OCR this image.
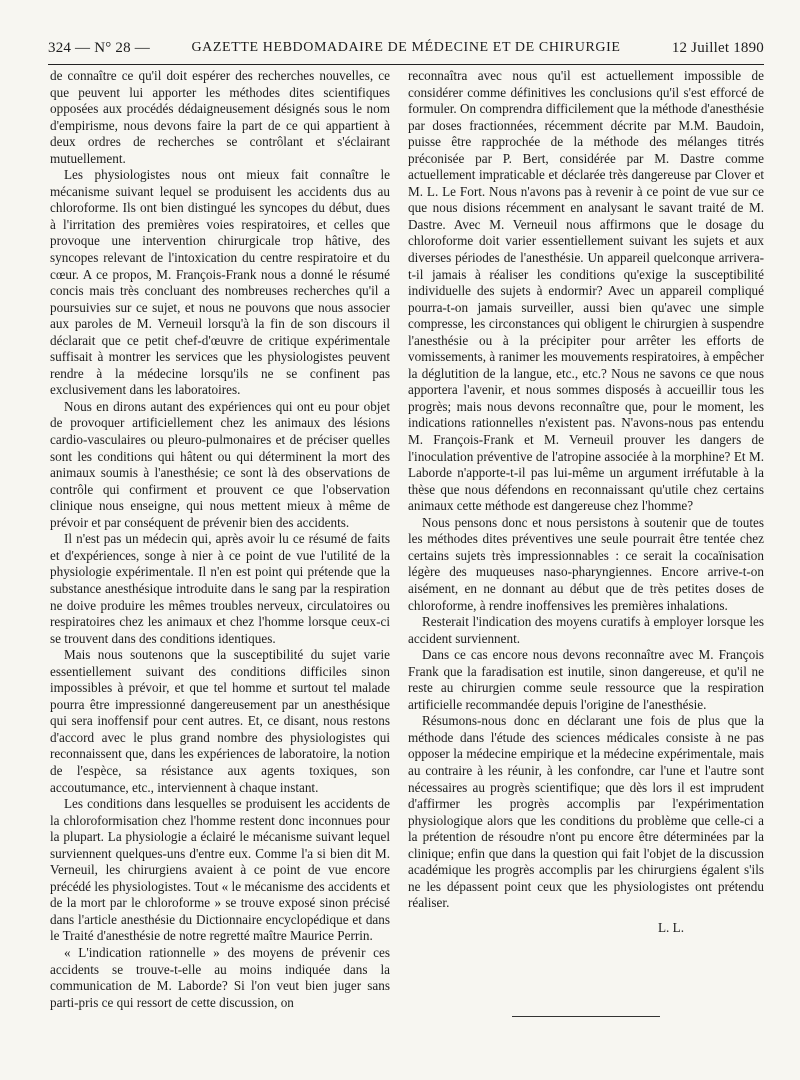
324 — N° 28 —	GAZETTE HEBDOMADAIRE DE MÉDECINE ET DE CHIRURGIE	12 Juillet 1890

de connaître ce qu'il doit espérer des recherches nouvelles, ce que peuvent lui apporter les méthodes dites scientifiques opposées aux procédés dédaigneusement désignés sous le nom d'empirisme, nous devons faire la part de ce qui appartient à deux ordres de recherches se contrôlant et s'éclairant mutuellement.

Les physiologistes nous ont mieux fait connaître le mécanisme suivant lequel se produisent les accidents dus au chloroforme. Ils ont bien distingué les syncopes du début, dues à l'irritation des premières voies respiratoires, et celles que provoque une intervention chirurgicale trop hâtive, des syncopes relevant de l'intoxication du centre respiratoire et du cœur. A ce propos, M. François-Frank nous a donné le résumé concis mais très concluant des nombreuses recherches qu'il a poursuivies sur ce sujet, et nous ne pouvons que nous associer aux paroles de M. Verneuil lorsqu'à la fin de son discours il déclarait que ce petit chef-d'œuvre de critique expérimentale suffisait à montrer les services que les physiologistes peuvent rendre à la médecine lorsqu'ils ne se confinent pas exclusivement dans les laboratoires.

Nous en dirons autant des expériences qui ont eu pour objet de provoquer artificiellement chez les animaux des lésions cardio-vasculaires ou pleuro-pulmonaires et de préciser quelles sont les conditions qui hâtent ou qui déterminent la mort des animaux soumis à l'anesthésie; ce sont là des observations de contrôle qui confirment et prouvent ce que l'observation clinique nous enseigne, qui nous mettent mieux à même de prévoir et par conséquent de prévenir bien des accidents.

Il n'est pas un médecin qui, après avoir lu ce résumé de faits et d'expériences, songe à nier à ce point de vue l'utilité de la physiologie expérimentale. Il n'en est point qui prétende que la substance anesthésique introduite dans le sang par la respiration ne doive produire les mêmes troubles nerveux, circulatoires ou respiratoires chez les animaux et chez l'homme lorsque ceux-ci se trouvent dans des conditions identiques.

Mais nous soutenons que la susceptibilité du sujet varie essentiellement suivant des conditions difficiles sinon impossibles à prévoir, et que tel homme et surtout tel malade pourra être impressionné dangereusement par un anesthésique qui sera inoffensif pour cent autres. Et, ce disant, nous restons d'accord avec le plus grand nombre des physiologistes qui reconnaissent que, dans les expériences de laboratoire, la notion de l'espèce, sa résistance aux agents toxiques, son accoutumance, etc., interviennent à chaque instant.

Les conditions dans lesquelles se produisent les accidents de la chloroformisation chez l'homme restent donc inconnues pour la plupart. La physiologie a éclairé le mécanisme suivant lequel surviennent quelques-uns d'entre eux. Comme l'a si bien dit M. Verneuil, les chirurgiens avaient à ce point de vue encore précédé les physiologistes. Tout « le mécanisme des accidents et de la mort par le chloroforme » se trouve exposé sinon précisé dans l'article anesthésie du Dictionnaire encyclopédique et dans le Traité d'anesthésie de notre regretté maître Maurice Perrin.

« L'indication rationnelle » des moyens de prévenir ces accidents se trouve-t-elle au moins indiquée dans la communication de M. Laborde? Si l'on veut bien juger sans parti-pris ce qui ressort de cette discussion, on

reconnaîtra avec nous qu'il est actuellement impossible de considérer comme définitives les conclusions qu'il s'est efforcé de formuler. On comprendra difficilement que la méthode d'anesthésie par doses fractionnées, récemment décrite par M.M. Baudoin, puisse être rapprochée de la méthode des mélanges titrés préconisée par P. Bert, considérée par M. Dastre comme actuellement impraticable et déclarée très dangereuse par Clover et M. L. Le Fort. Nous n'avons pas à revenir à ce point de vue sur ce que nous disions récemment en analysant le savant traité de M. Dastre. Avec M. Verneuil nous affirmons que le dosage du chloroforme doit varier essentiellement suivant les sujets et aux diverses périodes de l'anesthésie. Un appareil quelconque arrivera-t-il jamais à réaliser les conditions qu'exige la susceptibilité individuelle des sujets à endormir? Avec un appareil compliqué pourra-t-on jamais surveiller, aussi bien qu'avec une simple compresse, les circonstances qui obligent le chirurgien à suspendre l'anesthésie ou à la précipiter pour arrêter les efforts de vomissements, à ranimer les mouvements respiratoires, à empêcher la déglutition de la langue, etc., etc.? Nous ne savons ce que nous apportera l'avenir, et nous sommes disposés à accueillir tous les progrès; mais nous devons reconnaître que, pour le moment, les indications rationnelles n'existent pas. N'avons-nous pas entendu M. François-Frank et M. Verneuil prouver les dangers de l'inoculation préventive de l'atropine associée à la morphine? Et M. Laborde n'apporte-t-il pas lui-même un argument irréfutable à la thèse que nous défendons en reconnaissant qu'utile chez certains animaux cette méthode est dangereuse chez l'homme?

Nous pensons donc et nous persistons à soutenir que de toutes les méthodes dites préventives une seule pourrait être tentée chez certains sujets très impressionnables : ce serait la cocaïnisation légère des muqueuses naso-pharyngiennes. Encore arrive-t-on aisément, en ne donnant au début que de très petites doses de chloroforme, à rendre inoffensives les premières inhalations.

Resterait l'indication des moyens curatifs à employer lorsque les accident surviennent.

Dans ce cas encore nous devons reconnaître avec M. François Frank que la faradisation est inutile, sinon dangereuse, et qu'il ne reste au chirurgien comme seule ressource que la respiration artificielle recommandée depuis l'origine de l'anesthésie.

Résumons-nous donc en déclarant une fois de plus que la méthode dans l'étude des sciences médicales consiste à ne pas opposer la médecine empirique et la médecine expérimentale, mais au contraire à les réunir, à les confondre, car l'une et l'autre sont nécessaires au progrès scientifique; que dès lors il est imprudent d'affirmer les progrès accomplis par l'expérimentation physiologique alors que les conditions du problème que celle-ci a la prétention de résoudre n'ont pu encore être déterminées par la clinique; enfin que dans la question qui fait l'objet de la discussion académique les progrès accomplis par les chirurgiens égalent s'ils ne les dépassent point ceux que les physiologistes ont prétendu réaliser.

L. L.
